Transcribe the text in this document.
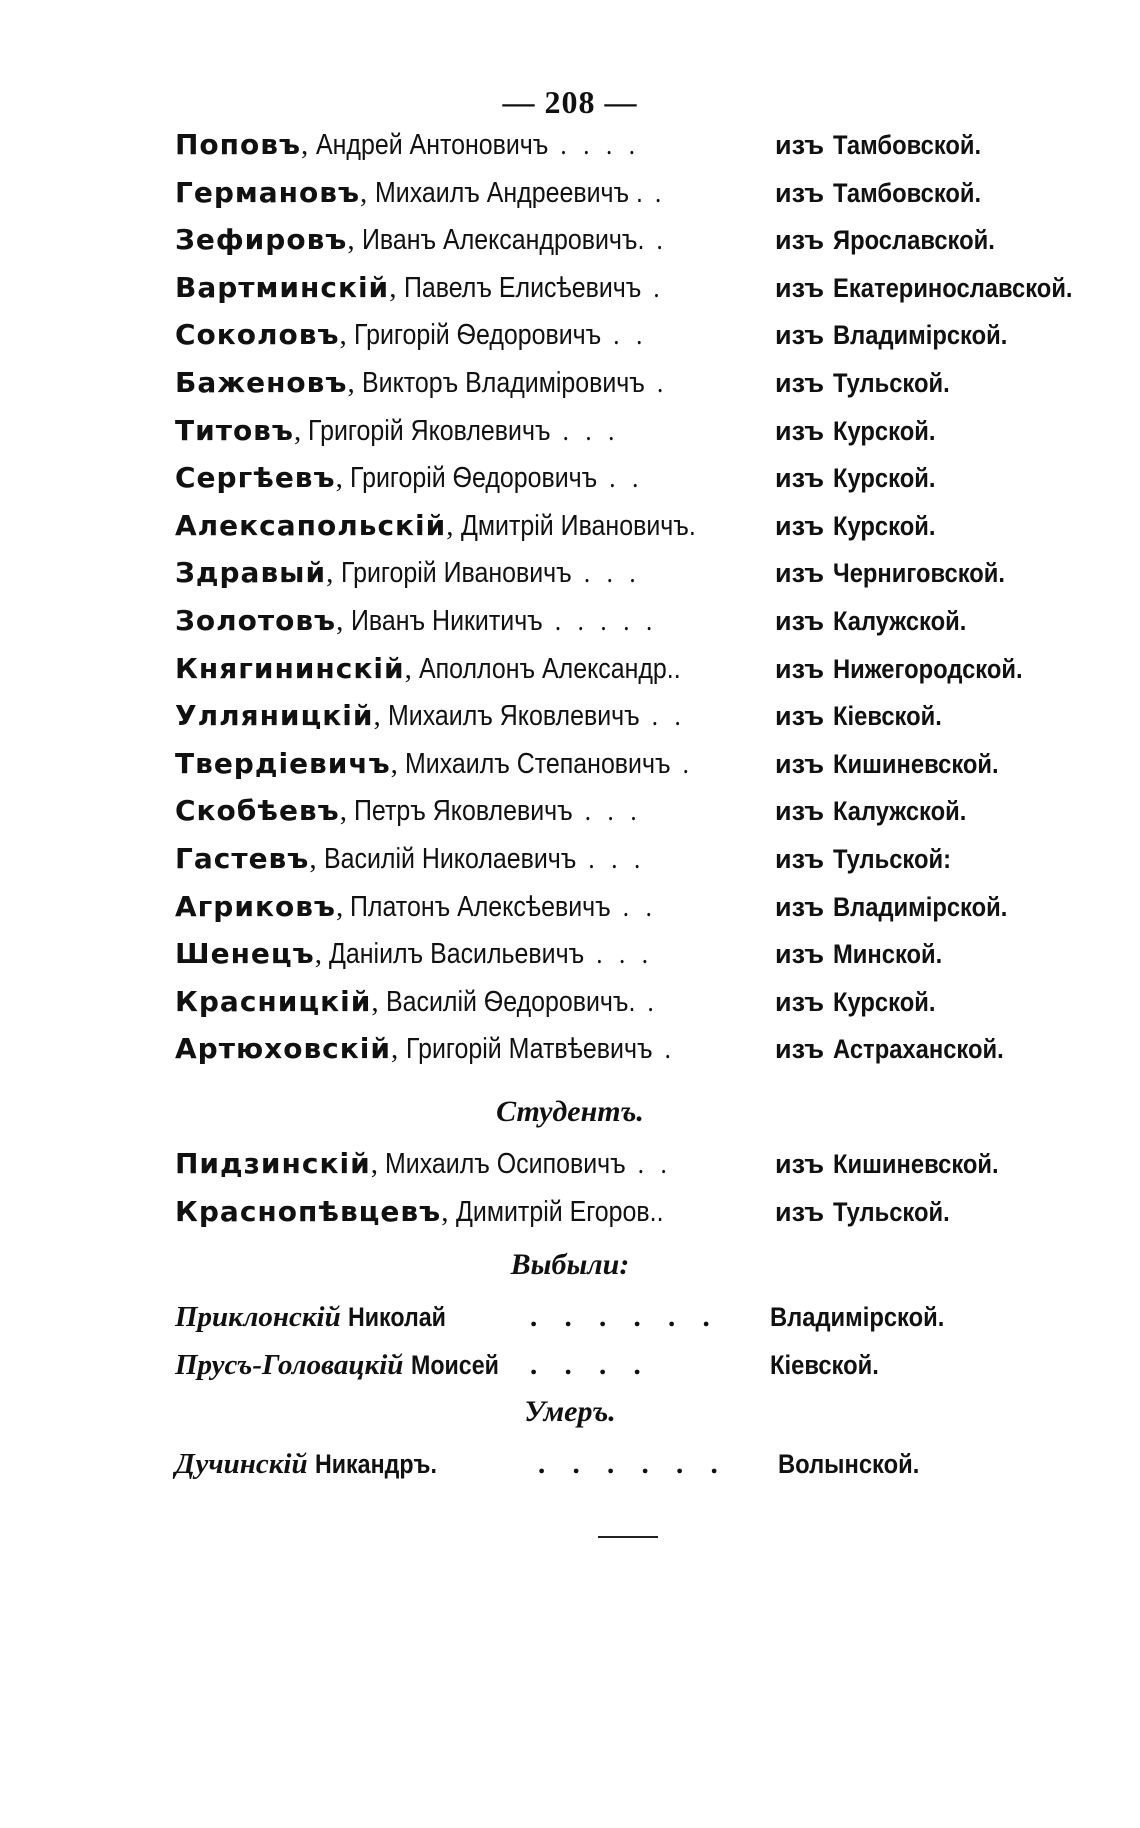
— 208 —
Поповъ, Андрей Антоновичъ . . . .	изъ Тамбовской.
Германовъ, Михаилъ Андреевичъ . .	изъ Тамбовской.
Зефировъ, Иванъ Александровичъ. .	изъ Ярославской.
Вартминскій, Павелъ Елисѣевичъ .	изъ Екатеринославской.
Соколовъ, Григорій Ѳедоровичъ . .	изъ Владимірской.
Баженовъ, Викторъ Владиміровичъ .	изъ Тульской.
Титовъ, Григорій Яковлевичъ . . .	изъ Курской.
Сергѣевъ, Григорій Ѳедоровичъ . .	изъ Курской.
Алексапольскій, Дмитрій Ивановичъ.	изъ Курской.
Здравый, Григорій Ивановичъ . . .	изъ Черниговской.
Золотовъ, Иванъ Никитичъ . . . . .	изъ Калужской.
Княгининскій, Аполлонъ Александр..	изъ Нижегородской.
Улляницкій, Михаилъ Яковлевичъ . .	изъ Кіевской.
Твердіевичъ, Михаилъ Степановичъ .	изъ Кишиневской.
Скобѣевъ, Петръ Яковлевичъ . . .	изъ Калужской.
Гастевъ, Василій Николаевичъ . . .	изъ Тульской:
Агриковъ, Платонъ Алексѣевичъ . .	изъ Владимірской.
Шенецъ, Даніилъ Васильевичъ . . .	изъ Минской.
Красницкій, Василій Ѳедоровичъ. .	изъ Курской.
Артюховскій, Григорій Матвѣевичъ .	изъ Астраханской.
Студентъ.
Пидзинскій, Михаилъ Осиповичъ . .	изъ Кишиневской.
Краснопѣвцевъ, Димитрій Егоров..	изъ Тульской.
Выбыли:
Приклонскій Николай	. . . . . . Владимірской.
Прусъ-Головацкій Моисей . . . .	Кіевской.
Умеръ.
Дучинскій Никандръ.	. . . . . . Волынской.
